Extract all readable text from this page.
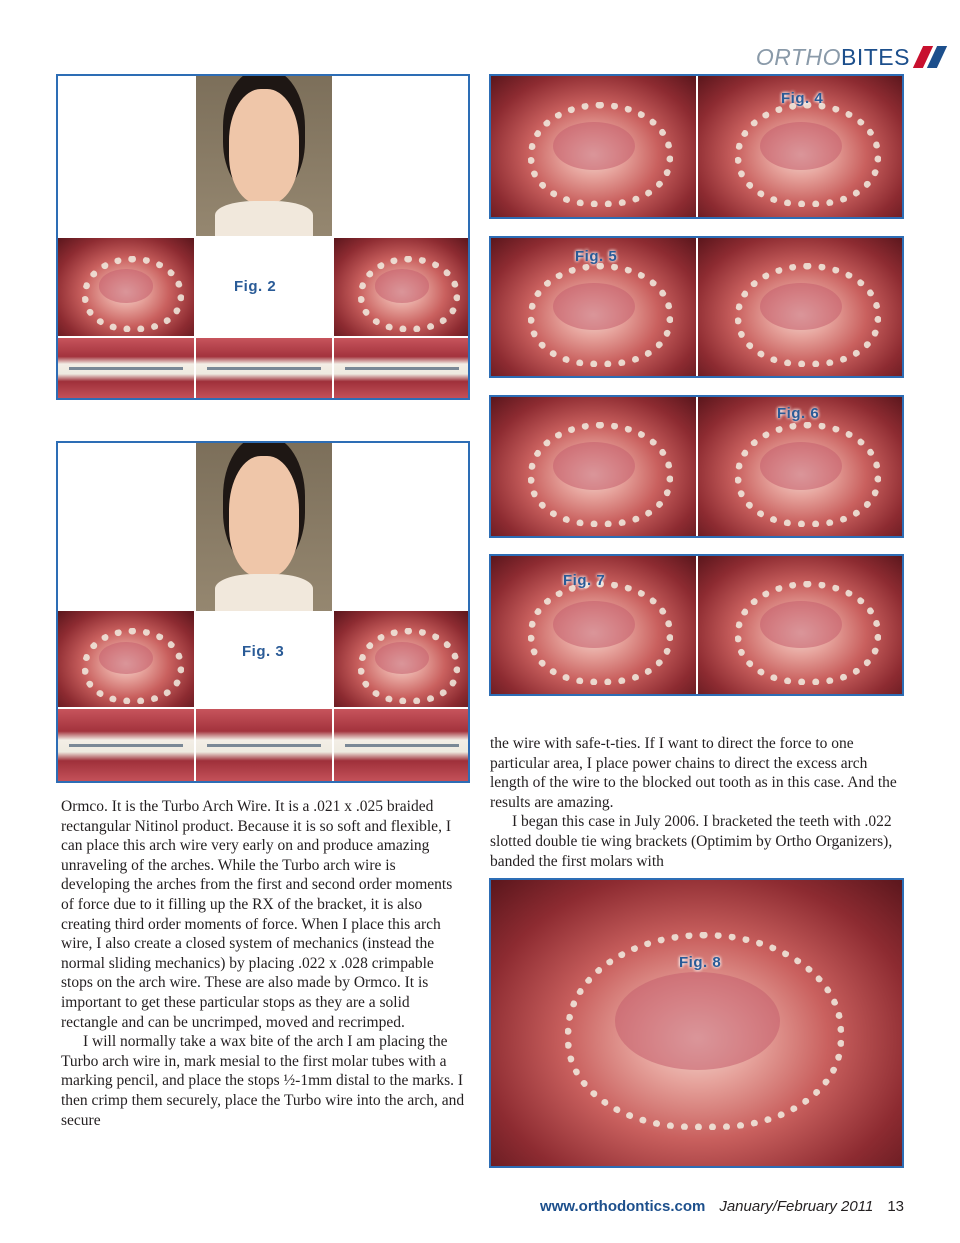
ORTHO BITES
Fig. 2
Fig. 3
Fig. 4
Fig. 5
Fig. 6
Fig. 7
Fig. 8

Ormco. It is the Turbo Arch Wire. It is a .021 x .025 braided rectangular Nitinol product. Because it is so soft and flexible, I can place this arch wire very early on and produce amazing unraveling of the arches. While the Turbo arch wire is developing the arches from the first and second order moments of force due to it filling up the RX of the bracket, it is also creating third order moments of force. When I place this arch wire, I also create a closed system of mechanics (instead the normal sliding mechanics) by placing .022 x .028 crimpable stops on the arch wire. These are also made by Ormco. It is important to get these particular stops as they are a solid rectangle and can be uncrimped, moved and recrimped.

I will normally take a wax bite of the arch I am placing the Turbo arch wire in, mark mesial to the first molar tubes with a marking pencil, and place the stops ½-1mm distal to the marks. I then crimp them securely, place the Turbo wire into the arch, and secure

the wire with safe-t-ties. If I want to direct the force to one particular area, I place power chains to direct the excess arch length of the wire to the blocked out tooth as in this case. And the results are amazing.

I began this case in July 2006. I bracketed the teeth with .022 slotted double tie wing brackets (Optimim by Ortho Organizers), banded the first molars with

www.orthodontics.com January/February 2011 13
